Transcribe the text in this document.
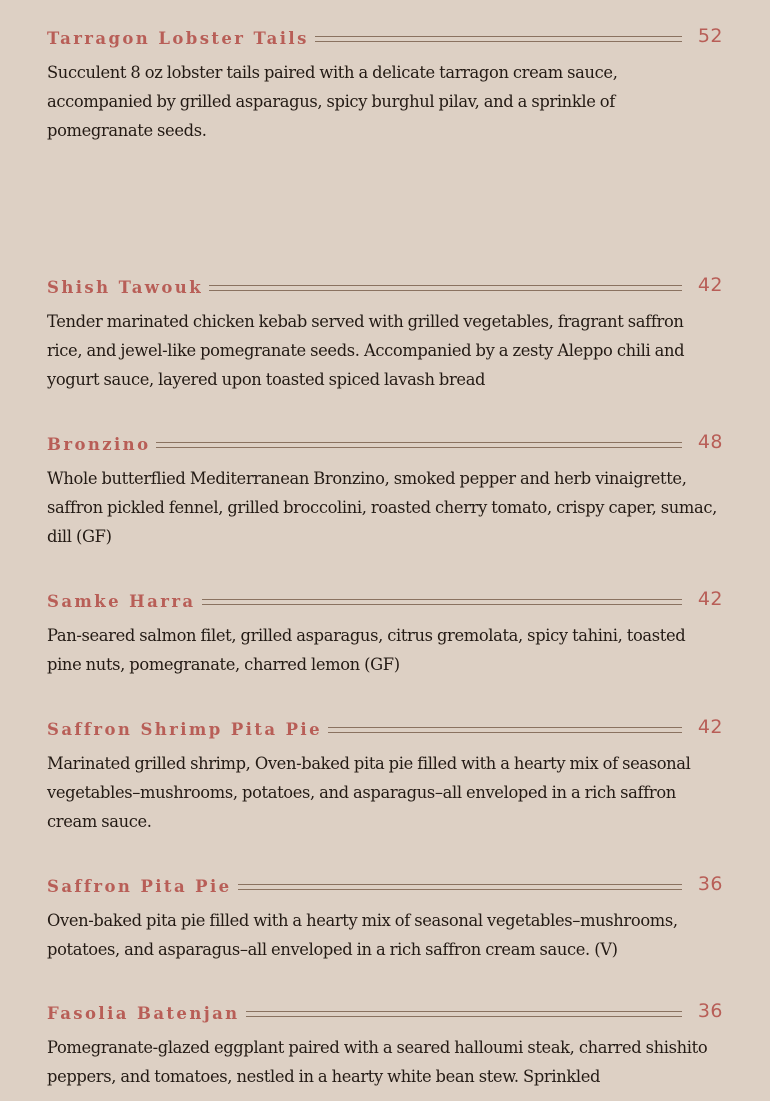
Tarragon Lobster Tails	52
Succulent 8 oz lobster tails paired with a delicate tarragon cream sauce, accompanied by grilled asparagus, spicy burghul pilav, and a sprinkle of pomegranate seeds.
Shish Tawouk	42
Tender marinated chicken kebab served with grilled vegetables, fragrant saffron rice, and jewel-like pomegranate seeds. Accompanied by a zesty Aleppo chili and yogurt sauce, layered upon toasted spiced lavash bread
Bronzino	48
Whole butterflied Mediterranean Bronzino, smoked pepper and herb vinaigrette, saffron pickled fennel, grilled broccolini, roasted cherry tomato, crispy caper, sumac, dill (GF)
Samke Harra	42
Pan-seared salmon filet, grilled asparagus, citrus gremolata, spicy tahini, toasted pine nuts, pomegranate, charred lemon (GF)
Saffron Shrimp Pita Pie	42
Marinated grilled shrimp, Oven-baked pita pie filled with a hearty mix of seasonal vegetables–mushrooms, potatoes, and asparagus–all enveloped in a rich saffron cream sauce.
Saffron Pita Pie	36
Oven-baked pita pie filled with a hearty mix of seasonal vegetables–mushrooms, potatoes, and asparagus–all enveloped in a rich saffron cream sauce. (V)
Fasolia Batenjan	36
Pomegranate-glazed eggplant paired with a seared halloumi steak, charred shishito peppers, and tomatoes, nestled in a hearty white bean stew. Sprinkled
